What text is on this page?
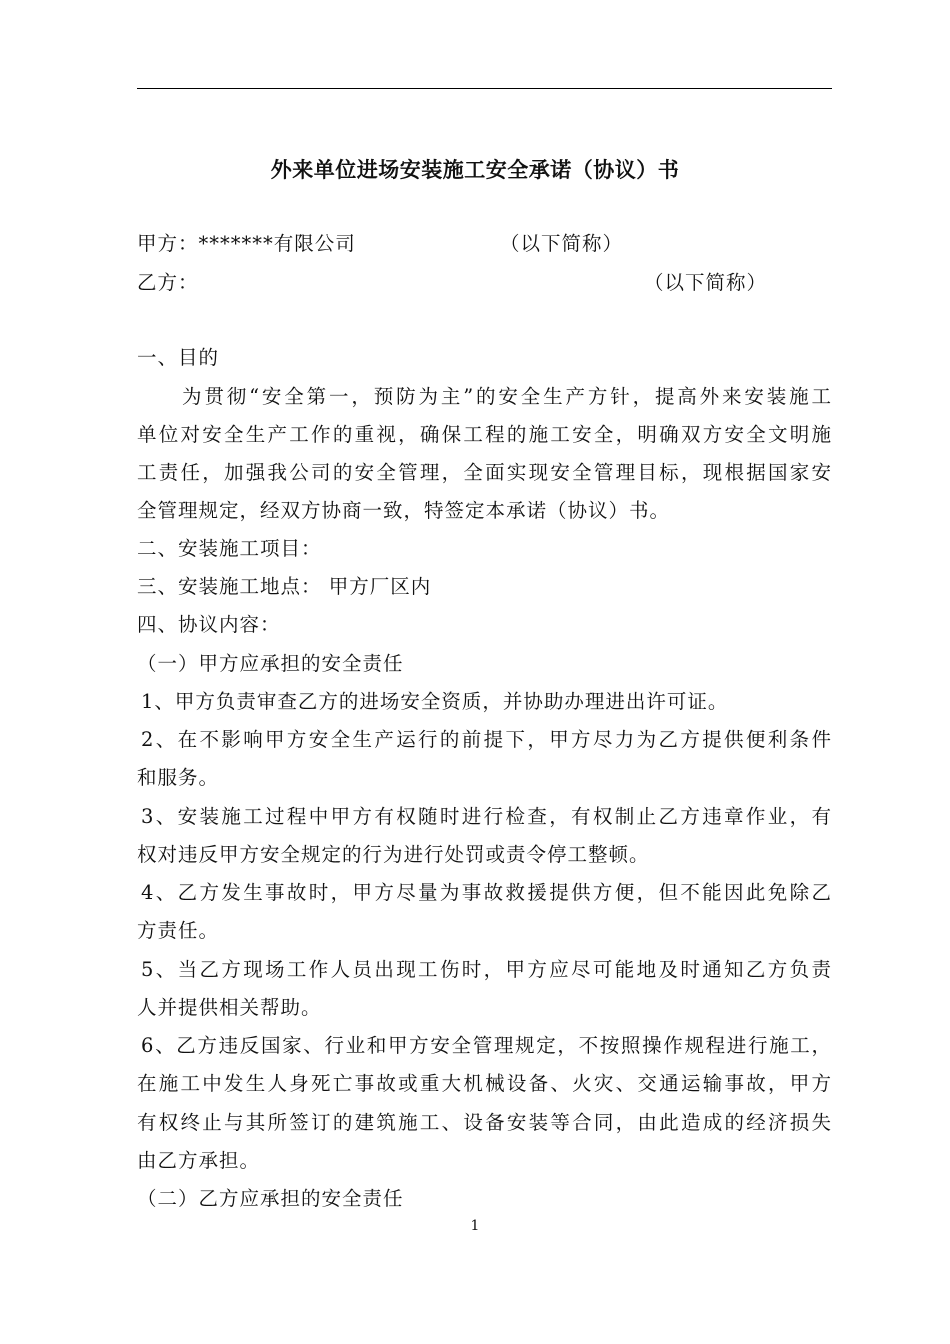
外来单位进场安装施工安全承诺（协议）书
甲方：*******有限公司	（以下简称）
乙方：	（以下简称）
一、目的
为贯彻“安全第一，预防为主”的安全生产方针，提高外来安装施工
单位对安全生产工作的重视，确保工程的施工安全，明确双方安全文明施
工责任，加强我公司的安全管理，全面实现安全管理目标，现根据国家安
全管理规定，经双方协商一致，特签定本承诺（协议）书。
二、安装施工项目：
三、安装施工地点： 甲方厂区内
四、协议内容：
（一）甲方应承担的安全责任
1、甲方负责审查乙方的进场安全资质，并协助办理进出许可证。
2、在不影响甲方安全生产运行的前提下，甲方尽力为乙方提供便利条件
和服务。
3、安装施工过程中甲方有权随时进行检查，有权制止乙方违章作业，有
权对违反甲方安全规定的行为进行处罚或责令停工整顿。
4、乙方发生事故时，甲方尽量为事故救援提供方便，但不能因此免除乙
方责任。
5、当乙方现场工作人员出现工伤时，甲方应尽可能地及时通知乙方负责
人并提供相关帮助。
6、乙方违反国家、行业和甲方安全管理规定，不按照操作规程进行施工，
在施工中发生人身死亡事故或重大机械设备、火灾、交通运输事故，甲方
有权终止与其所签订的建筑施工、设备安装等合同，由此造成的经济损失
由乙方承担。
（二）乙方应承担的安全责任
1
